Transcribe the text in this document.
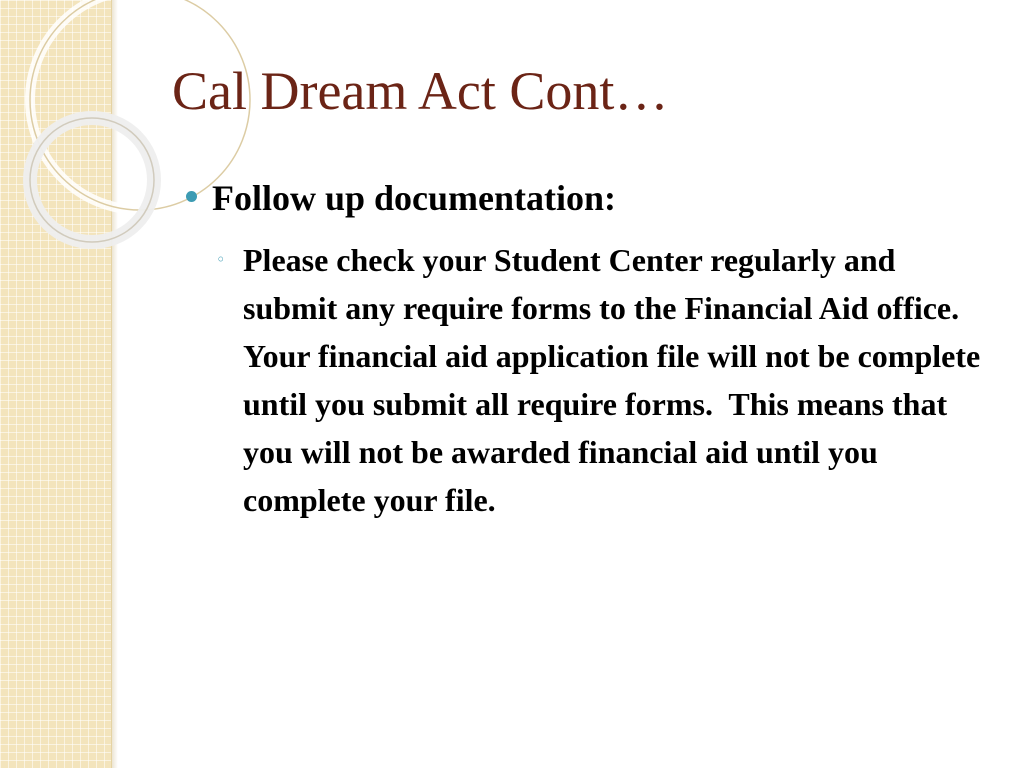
Cal Dream Act Cont…
Follow up documentation:
◦ Please check your Student Center regularly and submit any require forms to the Financial Aid office.   Your financial aid application file will not be complete until you submit all require forms.  This means that you will not be awarded financial aid until you complete your file.
